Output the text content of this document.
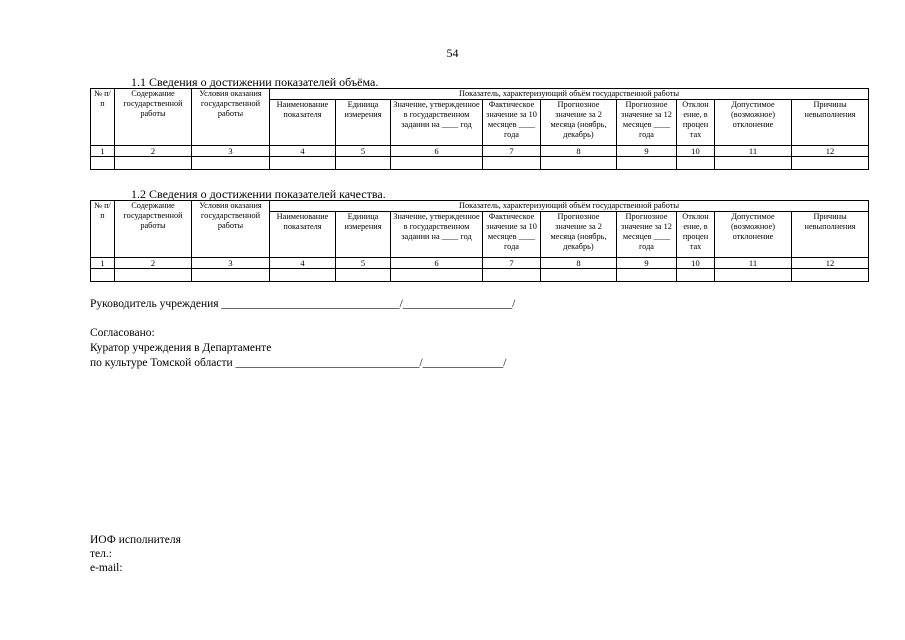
54
1.1 Сведения о достижении показателей объёма.
№ п/п	Содержание государственной работы	Условия оказания государственной работы	Показатель, характеризующий объём государственной работы								
			Наименование показателя	Единица измерения	Значение, утвержденное в государственном задании на ____ год	Фактическое значение за 10 месяцев ____ года	Прогнозное значение за 2 месяца (ноябрь, декабрь)	Прогнозное значение за 12 месяцев ____ года	Отклон ение, в процен тах	Допустимое (возможное) отклонение	Причины невыполнения
1	2	3	4	5	6	7	8	9	10	11	12

1.2 Сведения о достижении показателей качества.
№ п/п	Содержание государственной работы	Условия оказания государственной работы	Показатель, характеризующий объём государственной работы								
			Наименование показателя	Единица измерения	Значение, утвержденное в государственном задании на ____ год	Фактическое значение за 10 месяцев ____ года	Прогнозное значение за 2 месяца (ноябрь, декабрь)	Прогнозное значение за 12 месяцев ____ года	Отклон ение, в процен тах	Допустимое (возможное) отклонение	Причины невыполнения
1	2	3	4	5	6	7	8	9	10	11	12

Руководитель учреждения _______________________________/___________________/
Согласовано:
Куратор учреждения в Департаменте
по культуре Томской области ________________________________/______________/
ИОФ исполнителя
тел.:
e-mail:
